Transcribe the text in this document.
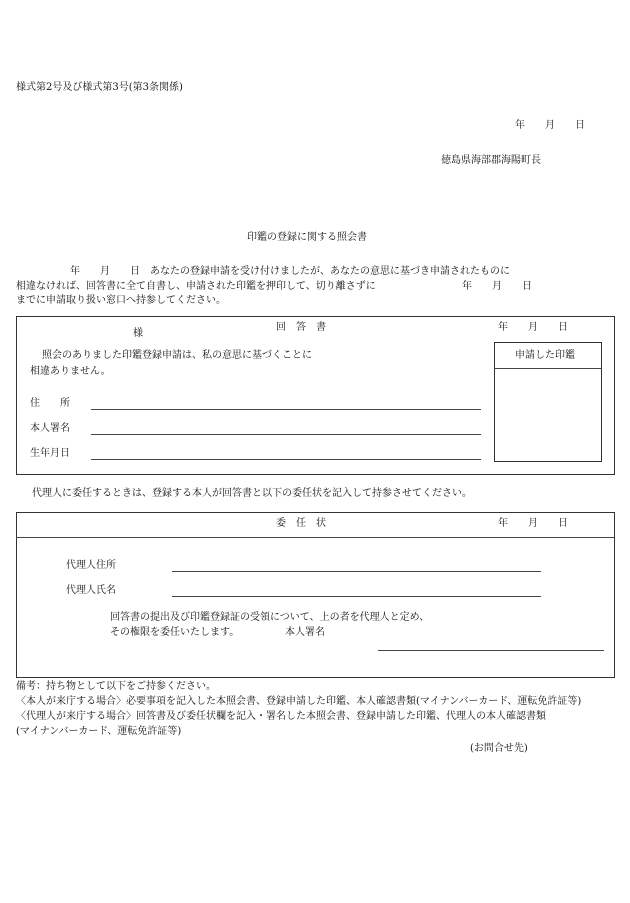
様式第2号及び様式第3号(第3条関係)
年　　月　　日
徳島県海部郡海陽町長
印鑑の登録に関する照会書
年　　月　　日　あなたの登録申請を受け付けましたが、あなたの意思に基づき申請されたものに
相違なければ、回答書に全て自書し、申請された印鑑を押印して、切り離さずに	年　　月　　日
までに申請取り扱い窓口へ持参してください。
様
回　答　書	年　　月　　日
申請した印鑑
照会のありました印鑑登録申請は、私の意思に基づくことに
相違ありません。
住　　所
本人署名
生年月日
代理人に委任するときは、登録する本人が回答書と以下の委任状を記入して持参させてください。
委　任　状	年　　月　　日
代理人住所
代理人氏名
回答書の提出及び印鑑登録証の受領について、上の者を代理人と定め、
その権限を委任いたします。	本人署名
備考：持ち物として以下をご持参ください。
〈本人が来庁する場合〉必要事項を記入した本照会書、登録申請した印鑑、本人確認書類(マイナンバーカード、運転免許証等)
〈代理人が来庁する場合〉回答書及び委任状欄を記入・署名した本照会書、登録申請した印鑑、代理人の本人確認書類
(マイナンバーカード、運転免許証等)
(お問合せ先)
